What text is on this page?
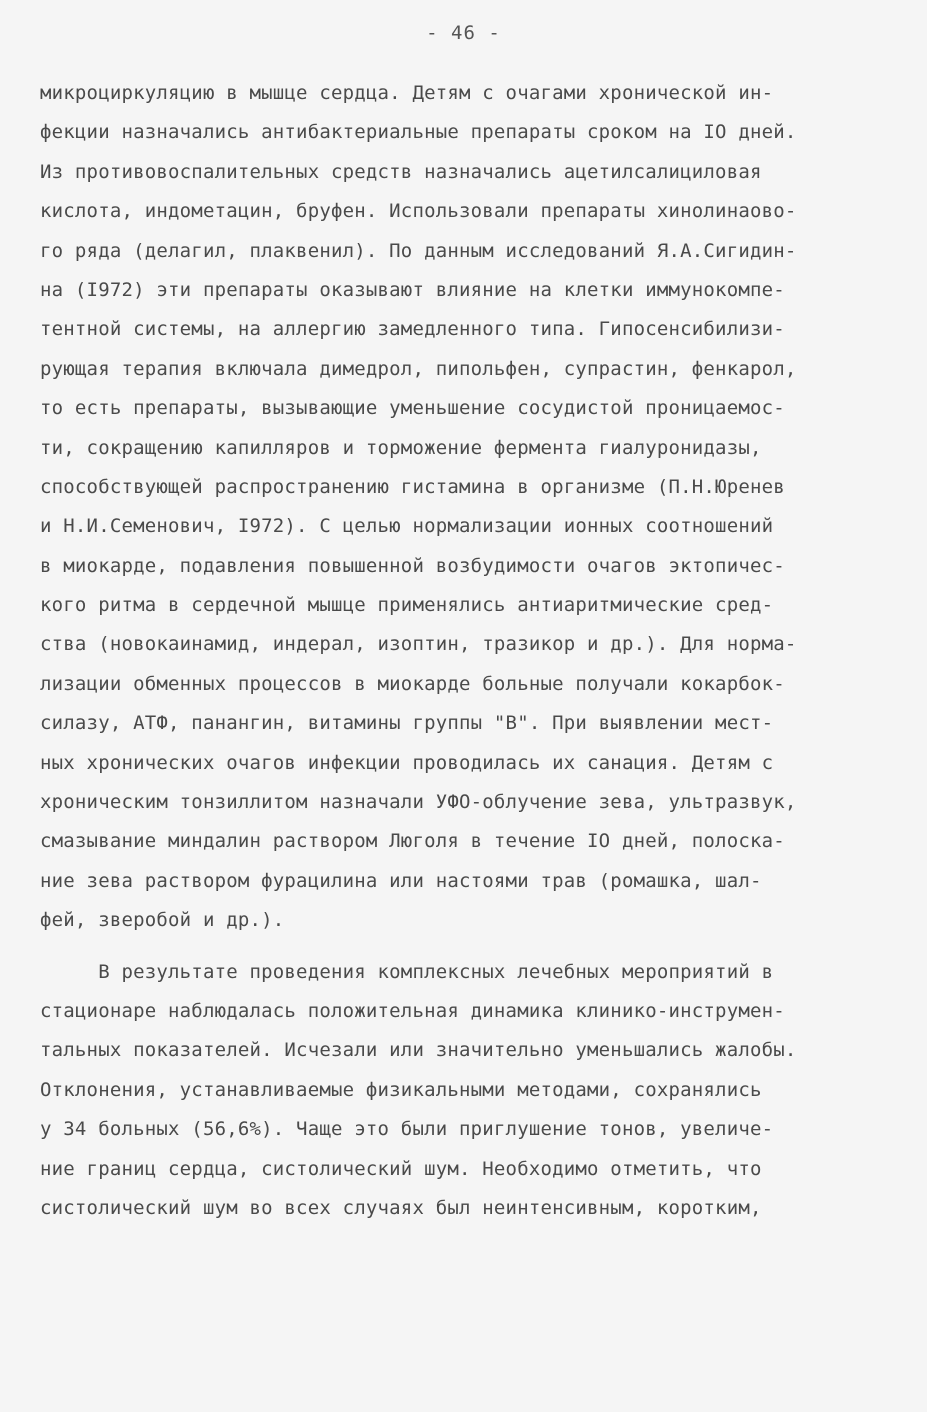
- 46 -
микроциркуляцию в мышце сердца. Детям с очагами хронической ин-
фекции назначались антибактериальные препараты сроком на IO дней.
Из противовоспалительных средств назначались ацетилсалициловая
кислота, индометацин, бруфен. Использовали препараты хинолинаово-
го ряда (делагил, плаквенил). По данным исследований Я.А.Сигидин-
на (I972) эти препараты оказывают влияние на клетки иммунокомпе-
тентной системы, на аллергию замедленного типа. Гипосенсибилизи-
рующая терапия включала димедрол, пипольфен, супрастин, фенкарол,
то есть препараты, вызывающие уменьшение сосудистой проницаемос-
ти, сокращению капилляров и торможение фермента гиалуронидазы,
способствующей распространению гистамина в организме (П.Н.Юренев
и Н.И.Семенович, I972). С целью нормализации ионных соотношений
в миокарде, подавления повышенной возбудимости очагов эктопичес-
кого ритма в сердечной мышце применялись антиаритмические сред-
ства (новокаинамид, индерал, изоптин, тразикор и др.). Для норма-
лизации обменных процессов в миокарде больные получали кокарбок-
силазу, АТФ, панангин, витамины группы "В". При выявлении мест-
ных хронических очагов инфекции проводилась их санация. Детям с
хроническим тонзиллитом назначали УФО-облучение зева, ультразвук,
смазывание миндалин раствором Люголя в течение IO дней, полоска-
ние зева раствором фурацилина или настоями трав (ромашка, шал-
фей, зверобой и др.).
В результате проведения комплексных лечебных мероприятий в
стационаре наблюдалась положительная динамика клинико-инструмен-
тальных показателей. Исчезали или значительно уменьшались жалобы.
Отклонения, устанавливаемые физикальными методами, сохранялись
у 34 больных (56,6%). Чаще это были приглушение тонов, увеличе-
ние границ сердца, систолический шум. Необходимо отметить, что
систолический шум во всех случаях был неинтенсивным, коротким,
